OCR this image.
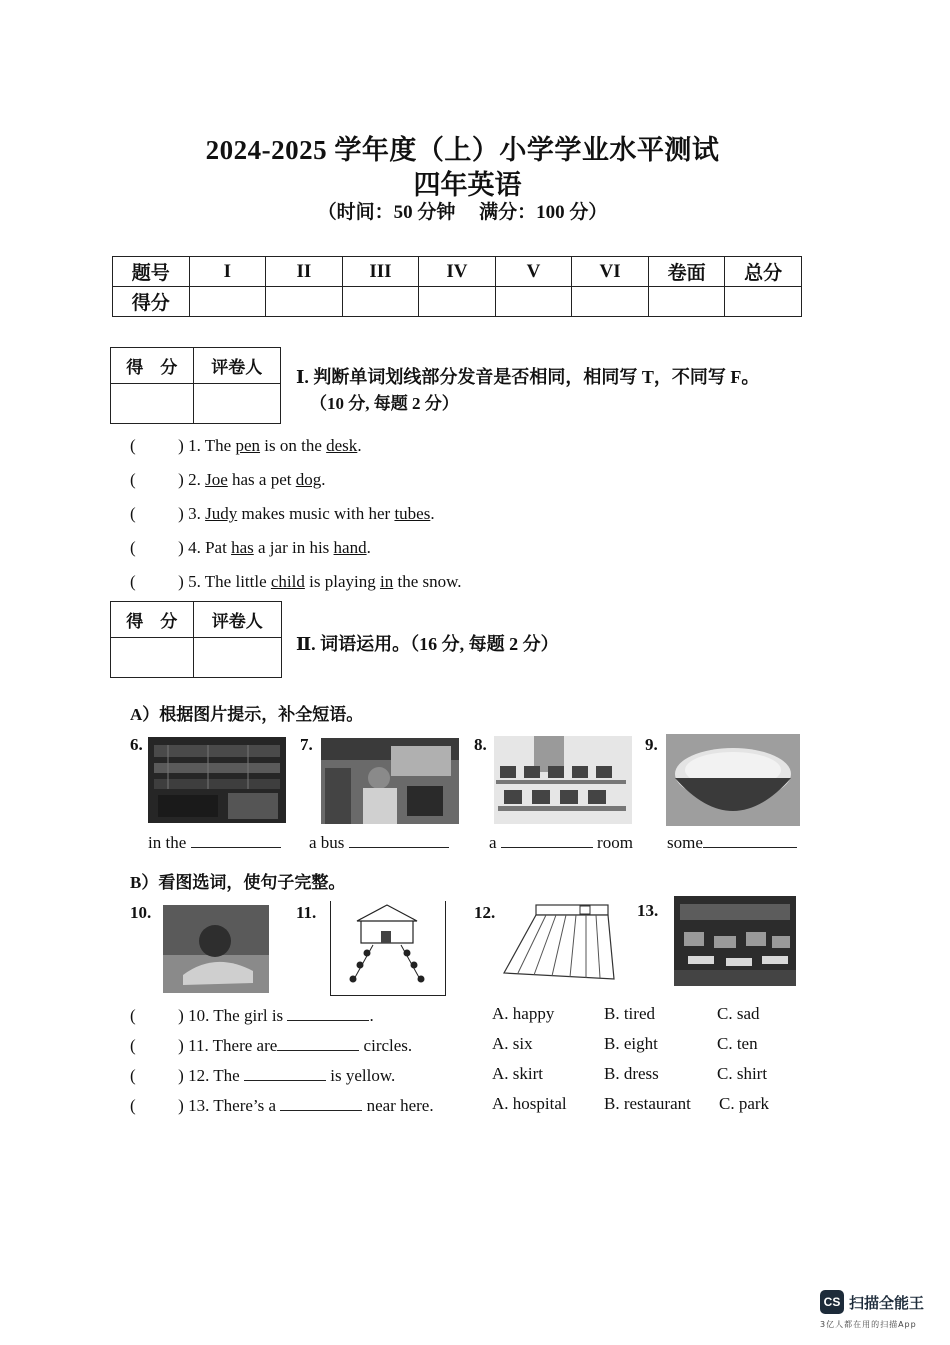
2024-2025 学年度（上）小学学业水平测试
四年英语
（时间：50 分钟　 满分：100 分）
题号	I	II	III	IV	V	VI	卷面	总分
得分								
得　分	评卷人
	Ⅰ. 判断单词划线部分发音是否相同，相同写 T，不同写 F。
（10 分, 每题 2 分）
(	) 1. The pen is on the desk.
(	) 2. Joe has a pet dog.
(	) 3. Judy makes music with her tubes.
(	) 4. Pat has a jar in his hand.
(	) 5. The little child is playing in the snow.
得　分	评卷人

Ⅱ. 词语运用。（16 分, 每题 2 分）
A）根据图片提示，补全短语。
6.
in the
7.
a bus
8.
a	room
9.
some
B）看图选词，使句子完整。
10.	11.	12.	13.
(	) 10. The girl is	.	A. happy	B. tired	C. sad
(	) 11. There are	circles.	A. six	B. eight	C. ten
(	) 12. The	is yellow.	A. skirt	B. dress	C. shirt
(	) 13. There’s a	near here.	A. hospital B. restaurant C. park
CS 扫描全能王
3亿人都在用的扫描App
